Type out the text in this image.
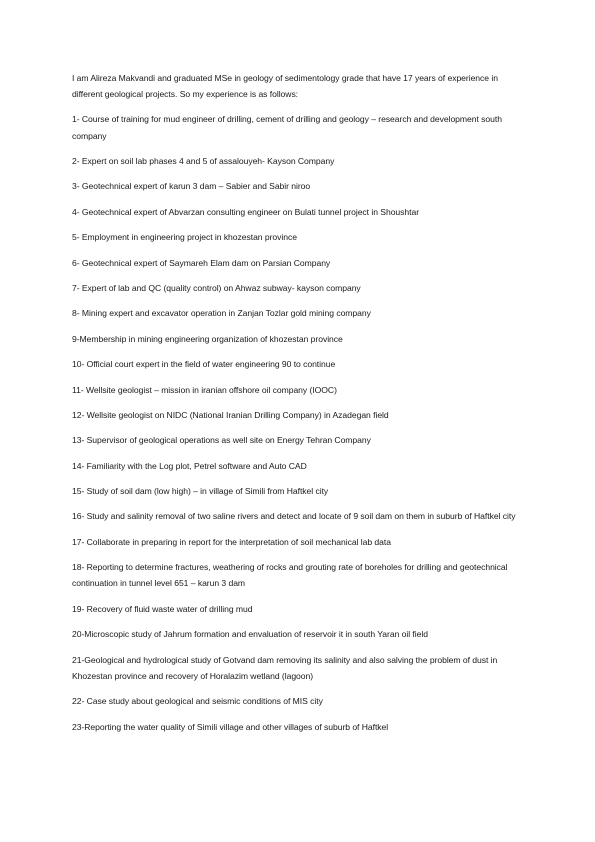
I am Alireza Makvandi and graduated MSe in geology of sedimentology grade that have 17 years of experience in different geological projects. So my experience is as follows:

1- Course of training for mud engineer of drilling, cement of drilling and geology – research and development south company

2- Expert on soil lab phases 4 and 5 of assalouyeh- Kayson Company

3- Geotechnical expert of karun 3 dam – Sabier and Sabir niroo

4- Geotechnical expert of Abvarzan consulting engineer on Bulati tunnel project in Shoushtar

5- Employment in engineering project in khozestan province

6- Geotechnical expert of Saymareh Elam dam on Parsian Company

7- Expert of lab and QC (quality control) on Ahwaz subway- kayson company

8- Mining expert and excavator operation in Zanjan Tozlar gold mining company

9-Membership in mining engineering organization of khozestan province

10- Official court expert in the field of water engineering 90 to continue

11- Wellsite geologist – mission in iranian offshore oil company (IOOC)

12- Wellsite geologist on NIDC (National Iranian Drilling Company) in Azadegan field

13- Supervisor of geological operations as well site on Energy Tehran Company

14- Familiarity with the Log plot, Petrel software and Auto CAD

15- Study of soil dam (low high) – in village of Simili from Haftkel city

16- Study and salinity removal of two saline rivers and detect and locate of 9 soil dam on them in suburb of Haftkel city

17- Collaborate in preparing in report for the interpretation of soil mechanical lab data

18- Reporting to determine fractures, weathering of rocks and grouting rate of boreholes for drilling and geotechnical continuation in tunnel level 651 – karun 3 dam

19- Recovery of fluid waste water of drilling mud

20-Microscopic study of Jahrum formation and envaluation of reservoir it in south Yaran oil field

21-Geological and hydrological study of Gotvand dam removing its salinity and also salving the problem of dust in Khozestan province and recovery of Horalazim wetland (lagoon)

22- Case study about geological and seismic conditions of MIS city

23-Reporting the water quality of Simili village and other villages of suburb of Haftkel
